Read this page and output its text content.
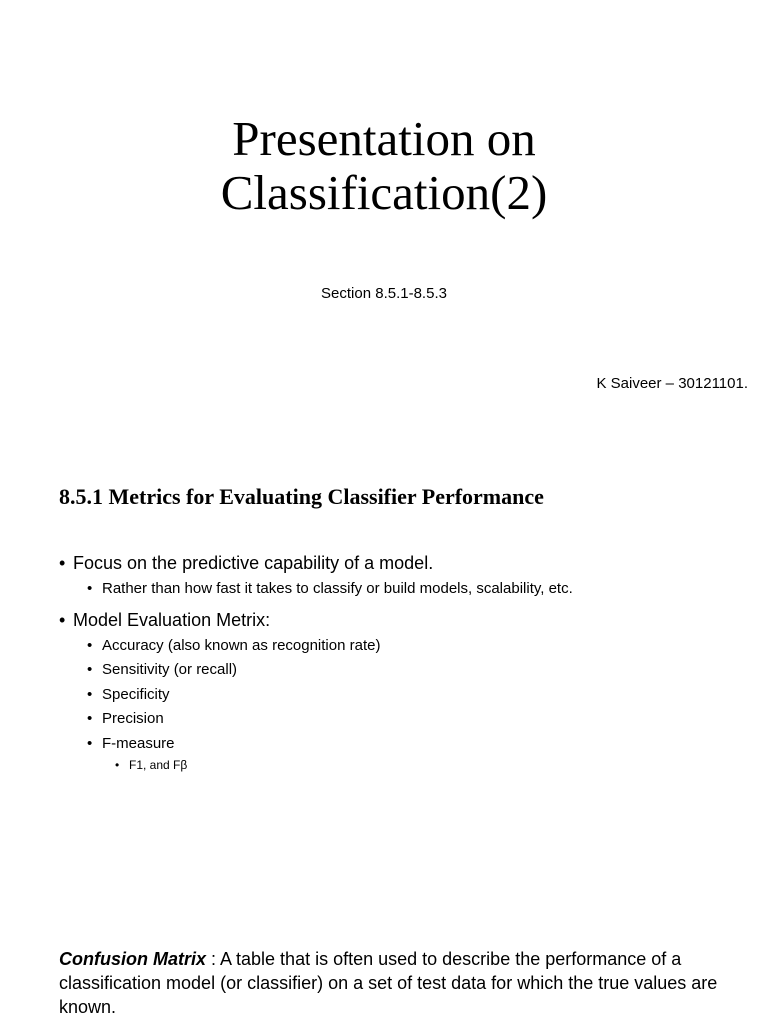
Presentation on
Classification(2)

Section 8.5.1-8.5.3

K Saiveer – 30121101.

8.5.1 Metrics for Evaluating Classifier Performance
• Focus on the predictive capability of a model.
• Rather than how fast it takes to classify or build models, scalability, etc.
• Model Evaluation Metrix:
• Accuracy (also known as recognition rate)
• Sensitivity (or recall)
• Specificity
• Precision
• F-measure
• F1, and Fβ

Confusion Matrix : A table that is often used to describe the performance of a classification model (or classifier) on a set of test data for which the true values are known.
